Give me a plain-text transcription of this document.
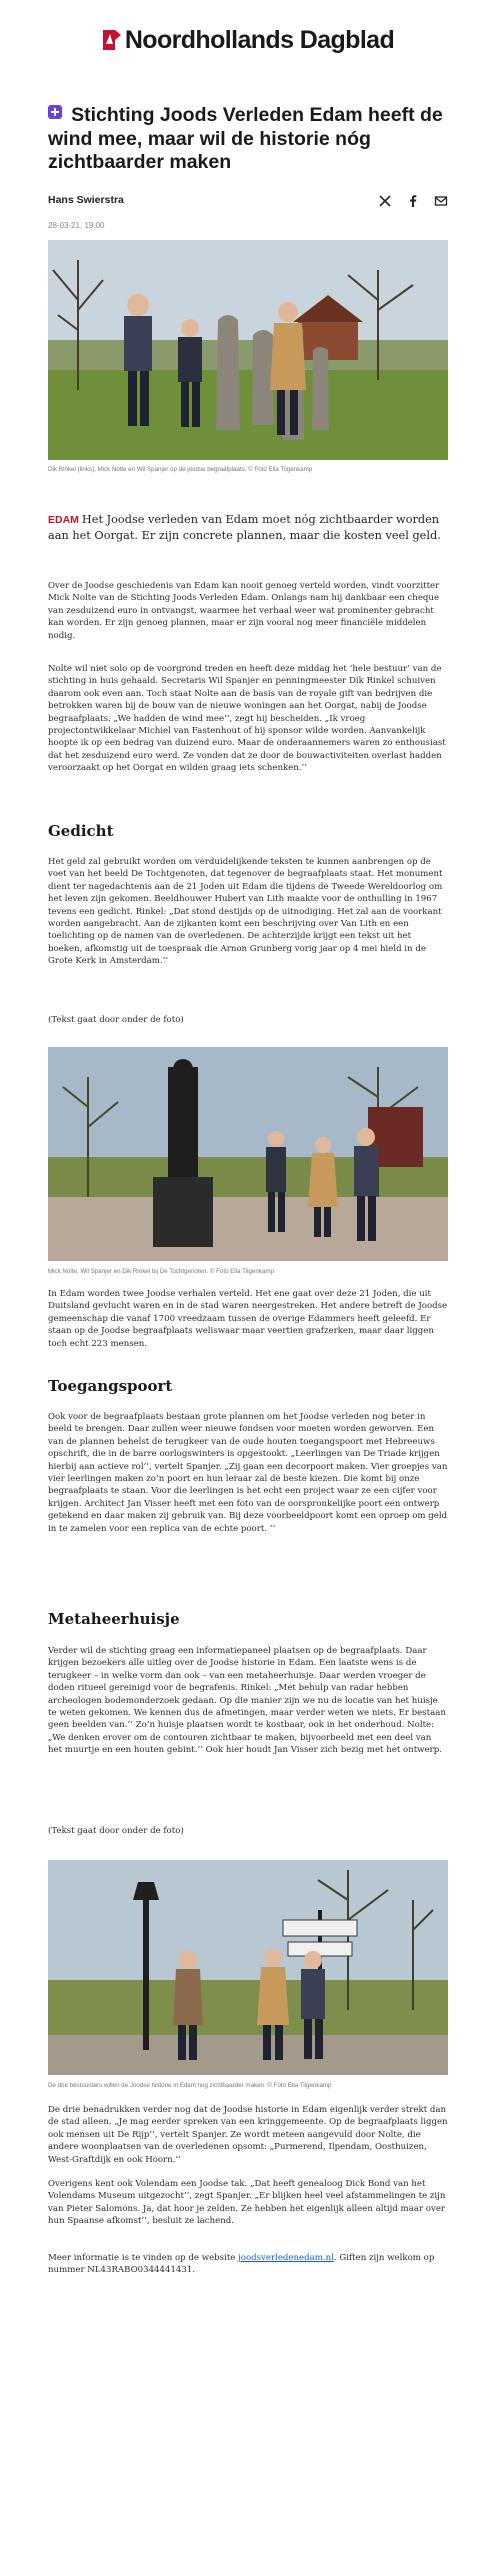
Noordhollands Dagblad
Stichting Joods Verleden Edam heeft de wind mee, maar wil de historie nóg zichtbaarder maken
Hans Swierstra
28-03-21, 19:00
Dik Rinkel (links), Mick Nolte en Wil Spanjer op de joodse begraafplaats. © Foto Ella Tilgenkamp

EDAM Het Joodse verleden van Edam moet nóg zichtbaarder worden aan het Oorgat. Er zijn concrete plannen, maar die kosten veel geld.

Over de Joodse geschiedenis van Edam kan nooit genoeg verteld worden, vindt voorzitter Mick Nolte van de Stichting Joods Verleden Edam. Onlangs nam hij dankbaar een cheque van zesduizend euro in ontvangst, waarmee het verhaal weer wat prominenter gebracht kan worden. Er zijn genoeg plannen, maar er zijn vooral nog meer financiële middelen nodig.

Nolte wil niet solo op de voorgrond treden en heeft deze middag het ‘hele bestuur’ van de stichting in huis gehaald. Secretaris Wil Spanjer en penningmeester Dik Rinkel schuiven daarom ook even aan. Toch staat Nolte aan de basis van de royale gift van bedrijven die betrokken waren bij de bouw van de nieuwe woningen aan het Oorgat, nabij de Joodse begraafplaats. „We hadden de wind mee’’, zegt hij bescheiden. „Ik vroeg projectontwikkelaar Michiel van Fastenhout of hij sponsor wilde worden. Aanvankelijk hoopte ik op een bedrag van duizend euro. Maar de onderaannemers waren zo enthousiast dat het zesduizend euro werd. Ze vonden dat ze door de bouwactiviteiten overlast hadden veroorzaakt op het Oorgat en wilden graag iets schenken.’’

Gedicht

Het geld zal gebruikt worden om verduidelijkende teksten te kunnen aanbrengen op de voet van het beeld De Tochtgenoten, dat tegenover de begraafplaats staat. Het monument dient ter nagedachtenis aan de 21 Joden uit Edam die tijdens de Tweede Wereldoorlog om het leven zijn gekomen. Beeldhouwer Hubert van Lith maakte voor de onthulling in 1967 tevens een gedicht. Rinkel: „Dat stond destijds op de uitnodiging. Het zal aan de voorkant worden aangebracht. Aan de zijkanten komt een beschrijving over Van Lith en een toelichting op de namen van de overledenen. De achterzijde krijgt een tekst uit het boeken, afkomstig uit de toespraak die Arnon Grunberg vorig jaar op 4 mei hield in de Grote Kerk in Amsterdam.’’

(Tekst gaat door onder de foto)

Mick Nolte, Wil Spanjer en Dik Rinkel bij De Tochtgenoten. © Foto Ella Tilgenkamp

In Edam worden twee Joodse verhalen verteld. Het ene gaat over deze 21 Joden, die uit Duitsland gevlucht waren en in de stad waren neergestreken. Het andere betreft de Joodse gemeenschap die vanaf 1700 vreedzaam tussen de overige Edammers heeft geleefd. Er staan op de Joodse begraafplaats weliswaar maar veertien grafzerken, maar daar liggen toch echt 223 mensen.

Toegangspoort

Ook voor de begraafplaats bestaan grote plannen om het Joodse verleden nog beter in beeld te brengen. Daar zullen weer nieuwe fondsen voor moeten worden geworven. Een van de plannen behelst de terugkeer van de oude houten toegangspoort met Hebreeuws opschrift, die in de barre oorlogswinters is opgestookt. „Leerlingen van De Triade krijgen hierbij aan actieve rol’’, vertelt Spanjer. „Zij gaan een decorpoort maken. Vier groepjes van vier leerlingen maken zo’n poort en hun leraar zal de beste kiezen. Die komt bij onze begraafplaats te staan. Voor die leerlingen is het echt een project waar ze een cijfer voor krijgen. Architect Jan Visser heeft met een foto van de oorspronkelijke poort een ontwerp getekend en daar maken zij gebruik van. Bij deze voorbeeldpoort komt een oproep om geld in te zamelen voor een replica van de echte poort. ’’

Metaheerhuisje

Verder wil de stichting graag een informatiepaneel plaatsen op de begraafplaats. Daar krijgen bezoekers alle uitleg over de Joodse historie in Edam. Een laatste wens is de terugkeer – in welke vorm dan ook – van een metaheerhuisje. Daar werden vroeger de doden ritueel gereinigd voor de begrafenis. Rinkel: „Met behulp van radar hebben archeologen bodemonderzoek gedaan. Op die manier zijn we nu de locatie van het huisje te weten gekomen. We kennen dus de afmetingen, maar verder weten we niets. Er bestaan geen beelden van.’’ Zo’n huisje plaatsen wordt te kostbaar, ook in het onderhoud. Nolte: „We denken erover om de contouren zichtbaar te maken, bijvoorbeeld met een deel van het muurtje en een houten gebint.’’ Ook hier houdt Jan Visser zich bezig met het ontwerp.

(Tekst gaat door onder de foto)

De drie bestuurders willen de Joodse historie in Edam nog zichtbaarder maken. © Foto Ella Tilgenkamp

De drie benadrukken verder nog dat de Joodse historie in Edam eigenlijk verder strekt dan de stad alleen. „Je mag eerder spreken van een kringgemeente. Op de begraafplaats liggen ook mensen uit De Rijp’’, vertelt Spanjer. Ze wordt meteen aangevuld door Nolte, die andere woonplaatsen van de overledenen opsomt: „Purmerend, Ilpendam, Oosthuizen, West-Graftdijk en ook Hoorn.’’

Overigens kent ook Volendam een Joodse tak. „Dat heeft genealoog Dick Bond van het Volendams Museum uitgezocht’’, zegt Spanjer. „Er blijken heel veel afstammelingen te zijn van Pieter Salomons. Ja, dat hoor je zelden. Ze hebben het eigenlijk alleen altijd maar over hun Spaanse afkomst’’, besluit ze lachend.

Meer informatie is te vinden op de website joodsverledenedam.nl. Giften zijn welkom op nummer NL43RABO0344441431.
